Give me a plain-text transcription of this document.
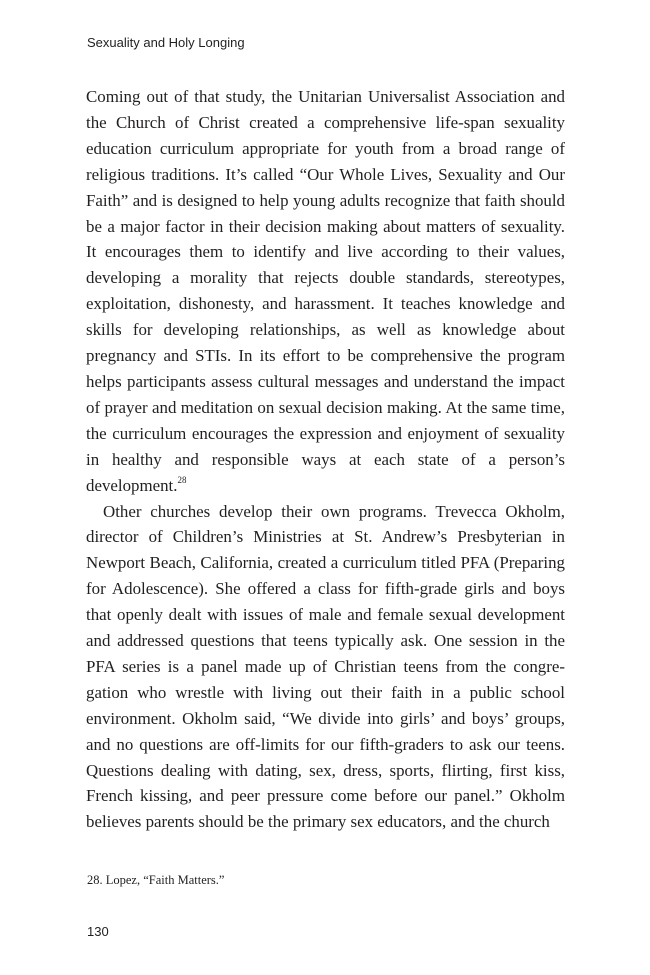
Sexuality and Holy Longing

Coming out of that study, the Unitarian Universalist Association and the Church of Christ created a comprehensive life-span sexuality education curriculum appropriate for youth from a broad range of religious traditions. It’s called “Our Whole Lives, Sexuality and Our Faith” and is designed to help young adults recognize that faith should be a major factor in their decision making about matters of sexuality. It encourages them to identify and live according to their values, developing a morality that rejects double standards, stereotypes, exploitation, dishonesty, and harassment. It teaches knowledge and skills for developing relationships, as well as knowledge about pregnancy and STIs. In its effort to be comprehensive the program helps participants assess cultural messages and understand the impact of prayer and meditation on sexual decision making. At the same time, the curriculum encourages the expression and enjoyment of sexuality in healthy and responsible ways at each state of a person’s development.$^{28}$

Other churches develop their own programs. Trevecca Okholm, director of Children’s Ministries at St. Andrew’s Presbyterian in Newport Beach, California, created a curriculum titled PFA (Preparing for Adolescence). She offered a class for fifth-grade girls and boys that openly dealt with issues of male and female sexual development and addressed questions that teens typically ask. One session in the PFA series is a panel made up of Christian teens from the congregation who wrestle with living out their faith in a public school environment. Okholm said, “We divide into girls’ and boys’ groups, and no questions are off-limits for our fifth-graders to ask our teens. Questions dealing with dating, sex, dress, sports, flirting, first kiss, French kissing, and peer pressure come before our panel.” Okholm believes parents should be the primary sex educators, and the church

28. Lopez, “Faith Matters.”
130
